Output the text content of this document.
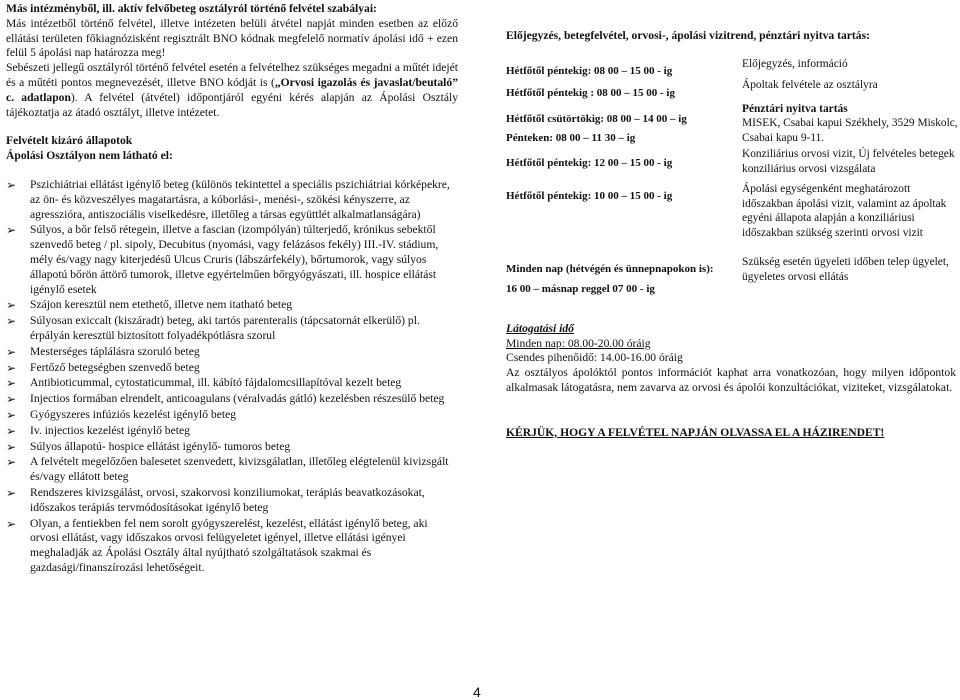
Más intézményből, ill. aktív felvőbeteg osztályról történő felvétel szabályai:

Más intézetből történő felvétel, illetve intézeten belüli átvétel napját minden esetben az előző ellátási területen főkiagnózisként regisztrált BNO kódnak megfelelő normatív ápolási idő + ezen felül 5 ápolási nap határozza meg!

Sebészeti jellegű osztályról történő felvétel esetén a felvételhez szükséges megadni a műtét idejét és a műtéti pontos megnevezését, illetve BNO kódját is („Orvosi igazolás és javaslat/beutaló” c. adatlapon). A felvétel (átvétel) időpontjáról egyéni kérés alapján az Ápolási Osztály tájékoztatja az átadó osztályt, illetve intézetet.

Felvételt kizáró állapotok

Ápolási Osztályon nem látható el:

➢ Pszichiátriai ellátást igénylő beteg (különös tekintettel a speciális pszichiátriai kórképekre, az ön- és közveszélyes magatartásra, a kóborlási-, menési-, szökési kényszerre, az agresszióra, antiszociális viselkedésre, illetőleg a társas együttlét alkalmatlanságára)
➢ Súlyos, a bőr felső rétegein, illetve a fascian (izompólyán) túlterjedő, krónikus sebektől szenvedő beteg / pl. sipoly, Decubitus (nyomási, vagy felázásos fekély) III.-IV. stádium, mély és/vagy nagy kiterjedésű Ulcus Cruris (lábszárfekély), bőrtumorok, vagy súlyos állapotú bőrön áttörő tumorok, illetve egyértelműen bőrgyógyászati, ill. hospice ellátást igénylő esetek
➢ Szájon keresztül nem etethető, illetve nem itatható beteg
➢ Súlyosan exiccalt (kiszáradt) beteg, aki tartós parenteralis (tápcsatornát elkerülő) pl. érpályán keresztül biztosított folyadékpótlásra szorul
➢ Mesterséges táplálásra szoruló beteg
➢ Fertőző betegségben szenvedő beteg
➢ Antibioticummal, cytostaticummal, ill. kábító fájdalomcsillapítóval kezelt beteg
➢ Injectios formában elrendelt, anticoagulans (véralvadás gátló) kezelésben részesülő beteg
➢ Gyógyszeres infúziós kezelést igénylő beteg
➢ Iv. injectios kezelést igénylő beteg
➢ Súlyos állapotú- hospice ellátást igénylő- tumoros beteg
➢ A felvételt megelőzően balesetet szenvedett, kivizsgálatlan, illetőleg elégtelenül kivizsgált és/vagy ellátott beteg
➢ Rendszeres kivizsgálást, orvosi, szakorvosi konziliumokat, terápiás beavatkozásokat, időszakos terápiás tervmódosításokat igénylő beteg
➢ Olyan, a fentiekben fel nem sorolt gyógyszerelést, kezelést, ellátást igénylő beteg, aki orvosi ellátást, vagy időszakos orvosi felügyeletet igényel, illetve ellátási igényei meghaladják az Ápolási Osztály által nyújtható szolgáltatások szakmai és gazdasági/finanszírozási lehetőségeit.

Előjegyzés, betegfelvétel, orvosi-, ápolási vizitrend, pénztári nyitva tartás:

Hétfőtől péntekig: 08 00 – 15 00 - ig
Előjegyzés, információ
Hétfőtől péntekig : 08 00 – 15 00 - ig
Ápoltak felvétele az osztályra
Hétfőtől csütörtökig: 08 00 – 14 00 – ig
Pénteken: 08 00 – 11 30 – ig
Pénztári nyitva tartás
MISEK, Csabai kapui Székhely, 3529 Miskolc, Csabai kapu 9-11.
Hétfőtől péntekig: 12 00 – 15 00 - ig
Konziliárius orvosi vizit, Új felvételes betegek konziliárius orvosi vizsgálata
Hétfőtől péntekig: 10 00 – 15 00 - ig
Ápolási egységenként meghatározott időszakban ápolási vizit, valamint az ápoltak egyéni állapota alapján a konziliáriusi időszakban szükség szerinti orvosi vizit
Minden nap (hétvégén és ünnepnapokon is):
16 00 – másnap reggel 07 00 - ig
Szükség esetén ügyeleti időben telep ügyelet, ügyeletes orvosi ellátás

Látogatási idő

Minden nap: 08.00-20.00 óráig

Csendes pihenőidő: 14.00-16.00 óráig

Az osztályos ápolóktól pontos információt kaphat arra vonatkozóan, hogy milyen időpontok alkalmasak látogatásra, nem zavarva az orvosi és ápolói konzultációkat, viziteket, vizsgálatokat.

KÉRJÜK, HOGY A FELVÉTEL NAPJÁN OLVASSA EL A HÁZIRENDET!

4
